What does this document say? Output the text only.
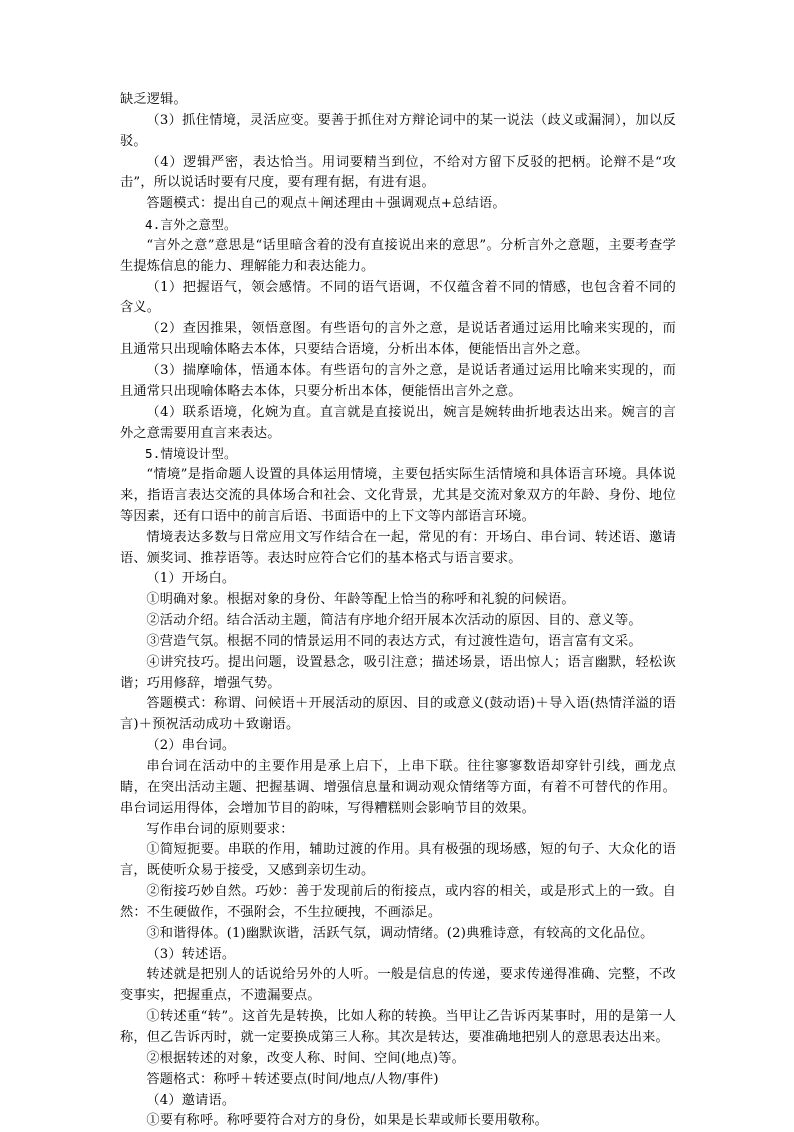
缺乏逻辑。

（3）抓住情境，灵活应变。要善于抓住对方辩论词中的某一说法（歧义或漏洞），加以反驳。

（4）逻辑严密，表达恰当。用词要精当到位，不给对方留下反驳的把柄。论辩不是“攻击”，所以说话时要有尺度，要有理有据，有进有退。

答题模式：提出自己的观点＋阐述理由＋强调观点+总结语。

4.言外之意型。

“言外之意”意思是“话里暗含着的没有直接说出来的意思”。分析言外之意题，主要考查学生提炼信息的能力、理解能力和表达能力。

（1）把握语气，领会感情。不同的语气语调，不仅蕴含着不同的情感，也包含着不同的含义。

（2）查因推果，领悟意图。有些语句的言外之意，是说话者通过运用比喻来实现的，而且通常只出现喻体略去本体，只要结合语境，分析出本体，便能悟出言外之意。

（3）揣摩喻体，悟通本体。有些语句的言外之意，是说话者通过运用比喻来实现的，而且通常只出现喻体略去本体，只要分析出本体，便能悟出言外之意。

（4）联系语境，化婉为直。直言就是直接说出，婉言是婉转曲折地表达出来。婉言的言外之意需要用直言来表达。

5.情境设计型。

“情境”是指命题人设置的具体运用情境，主要包括实际生活情境和具体语言环境。具体说来，指语言表达交流的具体场合和社会、文化背景，尤其是交流对象双方的年龄、身份、地位等因素，还有口语中的前言后语、书面语中的上下文等内部语言环境。

情境表达多数与日常应用文写作结合在一起，常见的有：开场白、串台词、转述语、邀请语、颁奖词、推荐语等。表达时应符合它们的基本格式与语言要求。

（1）开场白。

①明确对象。根据对象的身份、年龄等配上恰当的称呼和礼貌的问候语。

②活动介绍。结合活动主题，简洁有序地介绍开展本次活动的原因、目的、意义等。

③营造气氛。根据不同的情景运用不同的表达方式，有过渡性造句，语言富有文采。

④讲究技巧。提出问题，设置悬念，吸引注意；描述场景，语出惊人；语言幽默，轻松诙谐；巧用修辞，增强气势。

答题模式：称谓、问候语＋开展活动的原因、目的或意义(鼓动语)＋导入语(热情洋溢的语言)＋预祝活动成功＋致谢语。

（2）串台词。

串台词在活动中的主要作用是承上启下，上串下联。往往寥寥数语却穿针引线，画龙点睛，在突出活动主题、把握基调、增强信息量和调动观众情绪等方面，有着不可替代的作用。串台词运用得体，会增加节目的韵味，写得糟糕则会影响节目的效果。

写作串台词的原则要求：

①简短扼要。串联的作用，辅助过渡的作用。具有极强的现场感，短的句子、大众化的语言，既使听众易于接受，又感到亲切生动。

②衔接巧妙自然。巧妙：善于发现前后的衔接点，或内容的相关，或是形式上的一致。自然：不生硬做作，不强附会，不生拉硬拽，不画添足。

③和谐得体。(1)幽默诙谐，活跃气氛，调动情绪。(2)典雅诗意，有较高的文化品位。

（3）转述语。

转述就是把别人的话说给另外的人听。一般是信息的传递，要求传递得准确、完整，不改变事实，把握重点，不遗漏要点。

①转述重“转”。这首先是转换，比如人称的转换。当甲让乙告诉丙某事时，用的是第一人称，但乙告诉丙时，就一定要换成第三人称。其次是转达，要准确地把别人的意思表达出来。

②根据转述的对象，改变人称、时间、空间(地点)等。

答题格式：称呼＋转述要点(时间/地点/人物/事件)

（4）邀请语。

①要有称呼。称呼要符合对方的身份，如果是长辈或师长要用敬称。
